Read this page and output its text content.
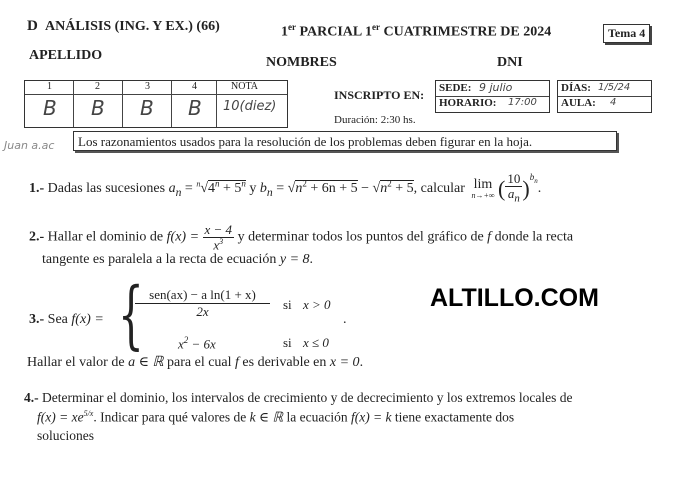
D ANÁLISIS (ING. Y EX.) (66)	1er PARCIAL 1er CUATRIMESTRE DE 2024	Tema 4
APELLIDO	NOMBRES	DNI
1	2	3	4	NOTA
B B B B 10(diez)
INSCRIPTO EN:
Duración: 2:30 hs.
SEDE: 9 julio
HORARIO: 17:00
DÍAS: 1/5/24
AULA: 4
Juan a.ac	Los razonamientos usados para la resolución de los problemas deben figurar en la hoja.
1.- Dadas las sucesiones $a_n = ^n√4^n + 5^n$ y $b_n = √n^2 + 6n + 5 - √n^2 + 5$, calcular lim
n→+∞ ( $\frac{10}{a_n} )^{b_n}$.
2.- Hallar el dominio de $f(x) = \frac{x - 4}{x^3}$ y determinar todos los puntos del gráfico de f donde la recta
tangente es paralela a la recta de ecuación y = 8.
3.- Sea f(x) = { sen(ax) − a ln(1 + x)
2x	si x > 0
$x^2 - 6x$	si x ≤ 0
.
Hallar el valor de a ∈ ℝ para el cual f es derivable en x = 0.
ALTILLO.COM
4.- Determinar el dominio, los intervalos de crecimiento y de decrecimiento y los extremos locales de
$f(x) = xe^{5/x}$. Indicar para qué valores de k ∈ ℝ la ecuación f(x) = k tiene exactamente dos
soluciones
